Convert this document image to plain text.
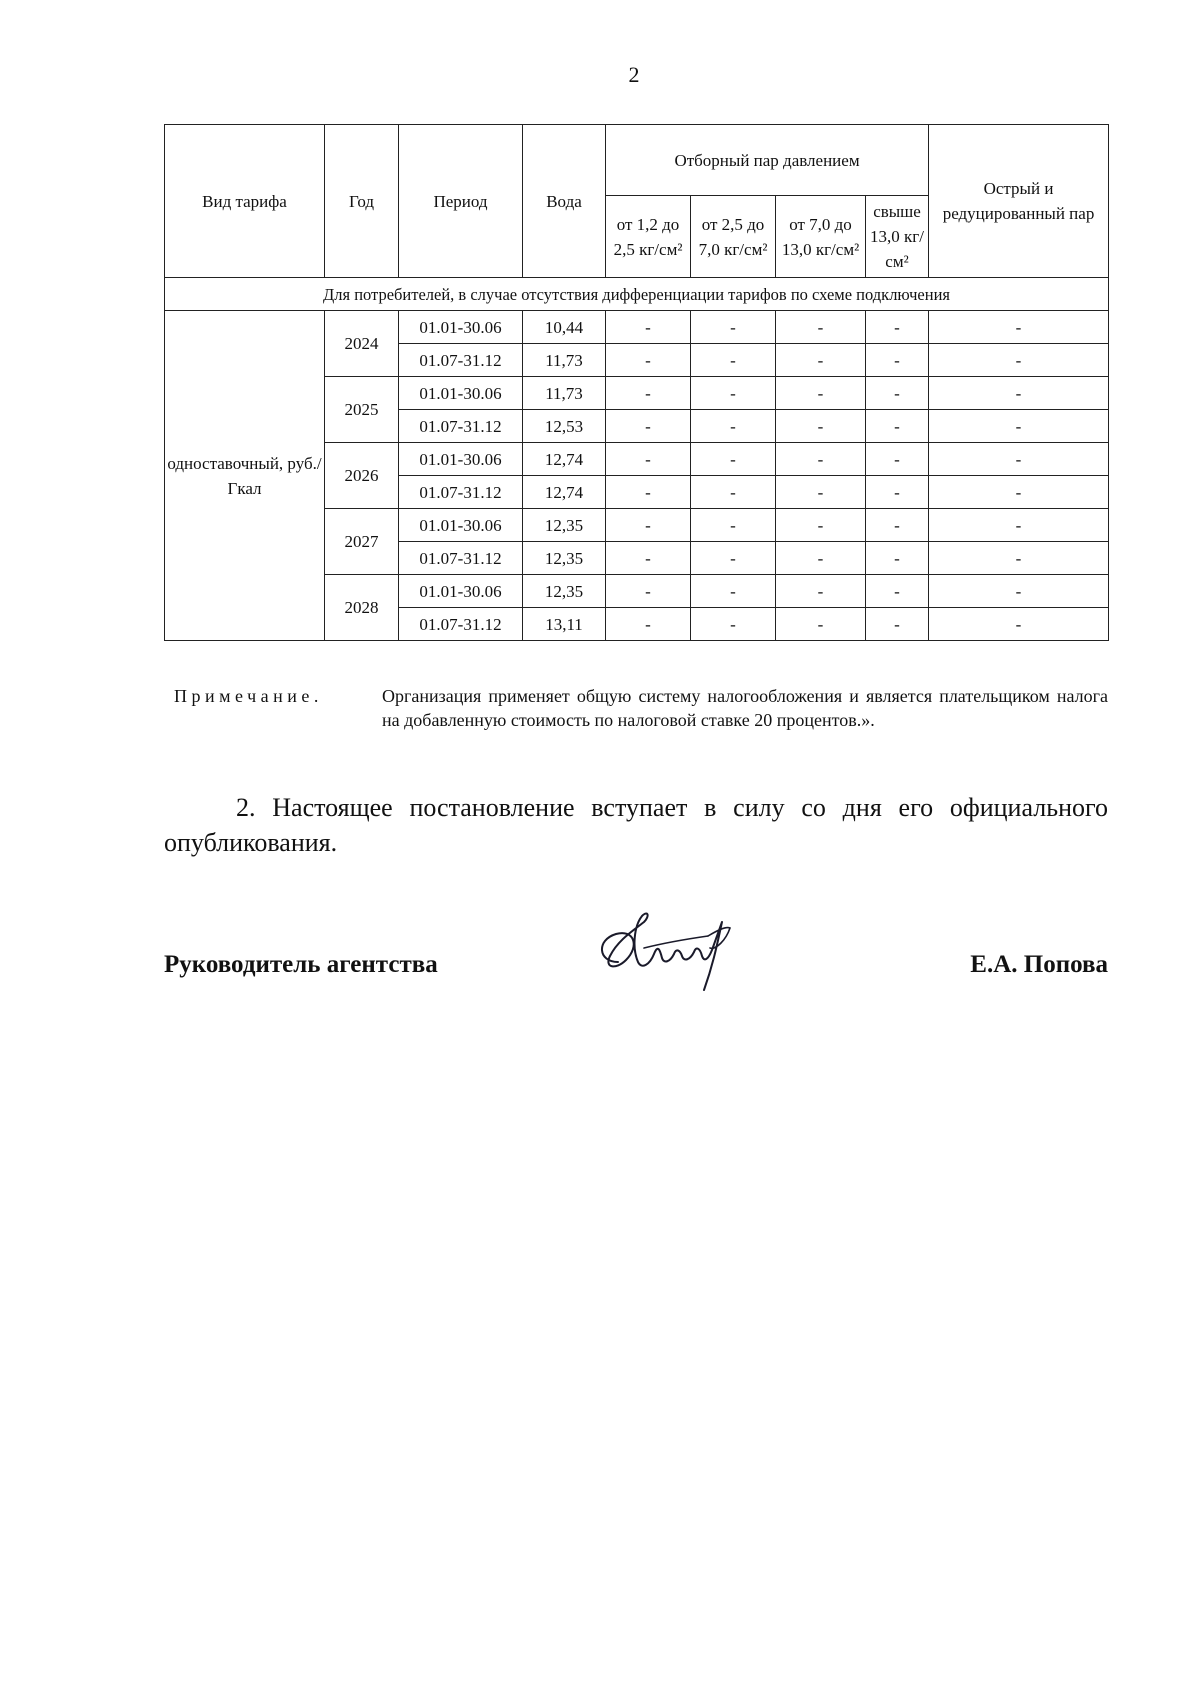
2
Вид тарифа	Год	Период	Вода	Отборный пар давлением				Острый и редуцированный пар
				от 1,2 до 2,5 кг/см²	от 2,5 до 7,0 кг/см²	от 7,0 до 13,0 кг/см²	свыше 13,0 кг/см²	
Для потребителей, в случае отсутствия дифференциации тарифов по схеме подключения								
одноставочный, руб./Гкал	2024	01.01-30.06	10,44	-	-	-	-	-
		01.07-31.12	11,73	-	-	-	-	-
	2025	01.01-30.06	11,73	-	-	-	-	-
		01.07-31.12	12,53	-	-	-	-	-
	2026	01.01-30.06	12,74	-	-	-	-	-
		01.07-31.12	12,74	-	-	-	-	-
	2027	01.01-30.06	12,35	-	-	-	-	-
		01.07-31.12	12,35	-	-	-	-	-
	2028	01.01-30.06	12,35	-	-	-	-	-
		01.07-31.12	13,11	-	-	-	-	-
Примечание.	Организация применяет общую систему налогообложения и является плательщиком налога на добавленную стоимость по налоговой ставке 20 процентов.».
2. Настоящее постановление вступает в силу со дня его официального опубликования.
Руководитель агентства	Е.А. Попова
